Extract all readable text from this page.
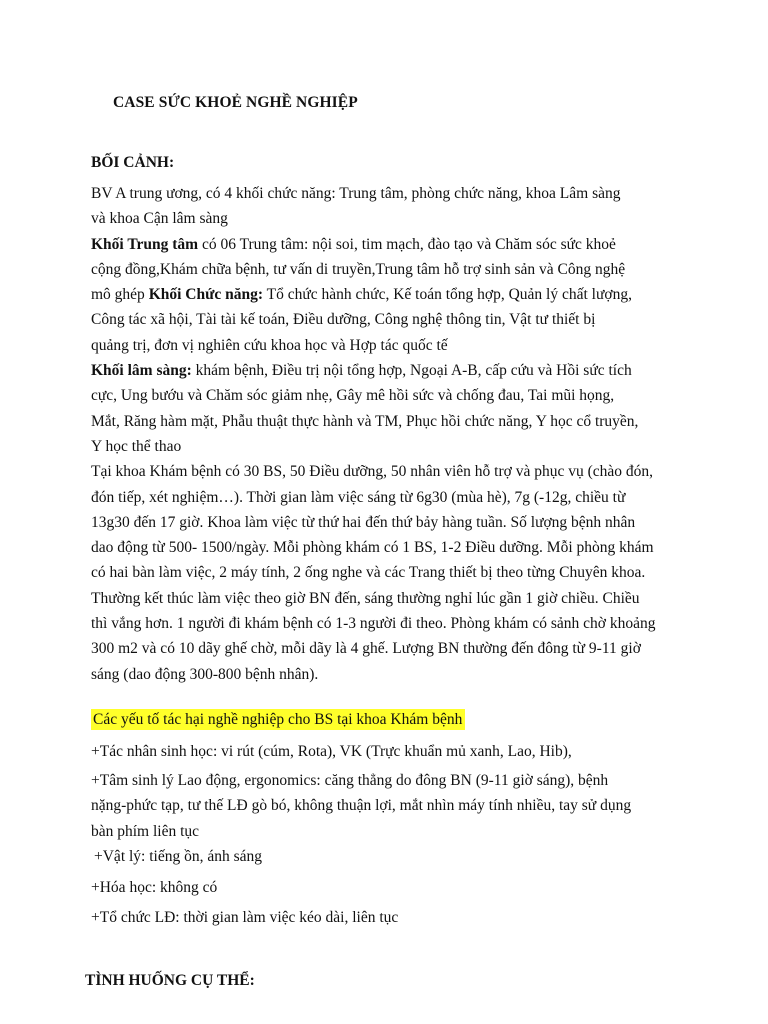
CASE SỨC KHOẺ NGHỀ NGHIỆP
BỐI CẢNH:
BV A trung ương, có 4 khối chức năng: Trung tâm, phòng chức năng, khoa Lâm sàng
và khoa Cận lâm sàng
Khối Trung tâm có 06 Trung tâm: nội soi, tim mạch, đào tạo và Chăm sóc sức khoẻ
cộng đồng,Khám chữa bệnh, tư vấn di truyền,Trung tâm hỗ trợ sinh sản và Công nghệ
mô ghép Khối Chức năng: Tổ chức hành chức, Kế toán tổng hợp, Quản lý chất lượng,
Công tác xã hội, Tài tài kế toán, Điều dưỡng, Công nghệ thông tin, Vật tư thiết bị
quảng trị, đơn vị nghiên cứu khoa học và Hợp tác quốc tế
Khối lâm sàng: khám bệnh, Điều trị nội tổng hợp, Ngoại A-B, cấp cứu và Hồi sức tích
cực, Ung bướu và Chăm sóc giảm nhẹ, Gây mê hồi sức và chống đau, Tai mũi họng,
Mắt, Răng hàm mặt, Phẫu thuật thực hành và TM, Phục hồi chức năng, Y học cổ truyền,
Y học thể thao
Tại khoa Khám bệnh có 30 BS, 50 Điều dưỡng, 50 nhân viên hỗ trợ và phục vụ (chào đón,
đón tiếp, xét nghiệm…). Thời gian làm việc sáng từ 6g30 (mùa hè), 7g (-12g, chiều từ
13g30 đến 17 giờ. Khoa làm việc từ thứ hai đến thứ bảy hàng tuần. Số lượng bệnh nhân
dao động từ 500- 1500/ngày. Mỗi phòng khám có 1 BS, 1-2 Điều dưỡng. Mỗi phòng khám
có hai bàn làm việc, 2 máy tính, 2 ống nghe và các Trang thiết bị theo từng Chuyên khoa.
Thường kết thúc làm việc theo giờ BN đến, sáng thường nghỉ lúc gần 1 giờ chiều. Chiều
thì vắng hơn. 1 người đi khám bệnh có 1-3 người đi theo. Phòng khám có sảnh chờ khoảng
300 m2 và có 10 dãy ghế chờ, mỗi dãy là 4 ghế. Lượng BN thường đến đông từ 9-11 giờ
sáng (dao động 300-800 bệnh nhân).
Các yếu tố tác hại nghề nghiệp cho BS tại khoa Khám bệnh
+Tác nhân sinh học: vi rút (cúm, Rota), VK (Trực khuẩn mủ xanh, Lao, Hib),
+Tâm sinh lý Lao động, ergonomics: căng thẳng do đông BN (9-11 giờ sáng), bệnh
nặng-phức tạp, tư thế LĐ gò bó, không thuận lợi, mắt nhìn máy tính nhiều, tay sử dụng
bàn phím liên tục
+Vật lý: tiếng ồn, ánh sáng
+Hóa học: không có
+Tổ chức LĐ: thời gian làm việc kéo dài, liên tục
TÌNH HUỐNG CỤ THỂ:
